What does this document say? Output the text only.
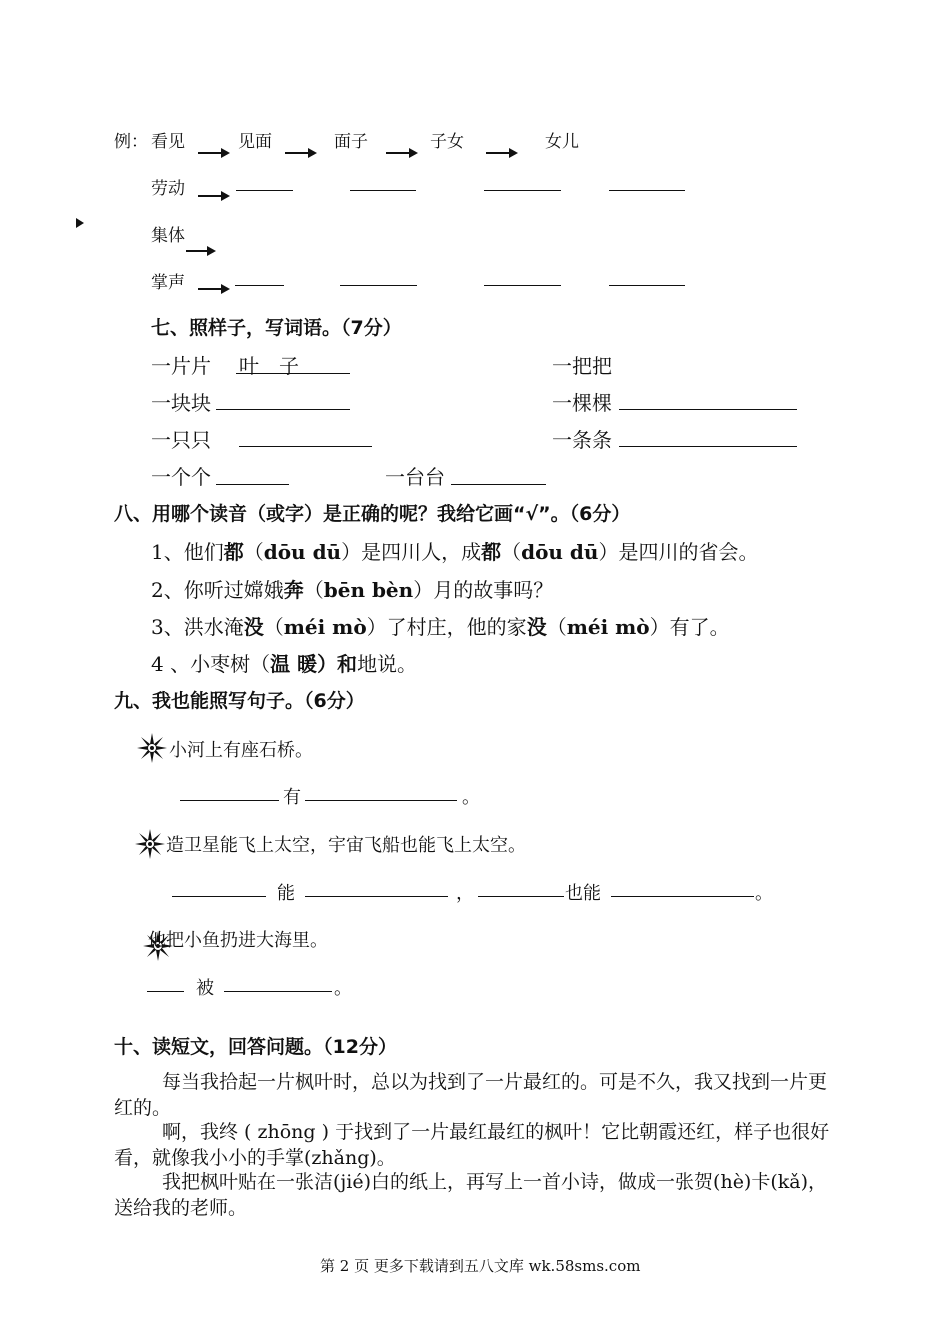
例： 看见	见面	面子	子女	女儿
劳动
集体
掌声
七、照样子，写词语。（7分）
一片片 叶　子	一把把
一块块	一棵棵
一只只	一条条
一个个	一台台
八、用哪个读音（或字）是正确的呢？我给它画“√”。（6分）
1、他们都（dōu dū）是四川人，成都（dōu dū）是四川的省会。
2、你听过嫦娥奔（bēn bèn）月的故事吗？
3、洪水淹没（méi mò）了村庄，他的家没（méi mò）有了。
4 、小枣树（温 暖）和地说。
九、我也能照写句子。（6分）
小河上有座石桥。
有	。
造卫星能飞上太空，宇宙飞船也能飞上太空。
能	，	也能	。
他把小鱼扔进大海里。
被	。
十、读短文，回答问题。（12分）
每当我拾起一片枫叶时，总以为找到了一片最红的。可是不久，我又找到一片更红的。
啊，我终 ( zhōng ) 于找到了一片最红最红的枫叶！它比朝霞还红，样子也很好看，就像我小小的手掌(zhǎng)。
我把枫叶贴在一张洁(jié)白的纸上，再写上一首小诗，做成一张贺(hè)卡(kǎ)，送给我的老师。
第 2 页 更多下载请到五八文库 wk.58sms.com
